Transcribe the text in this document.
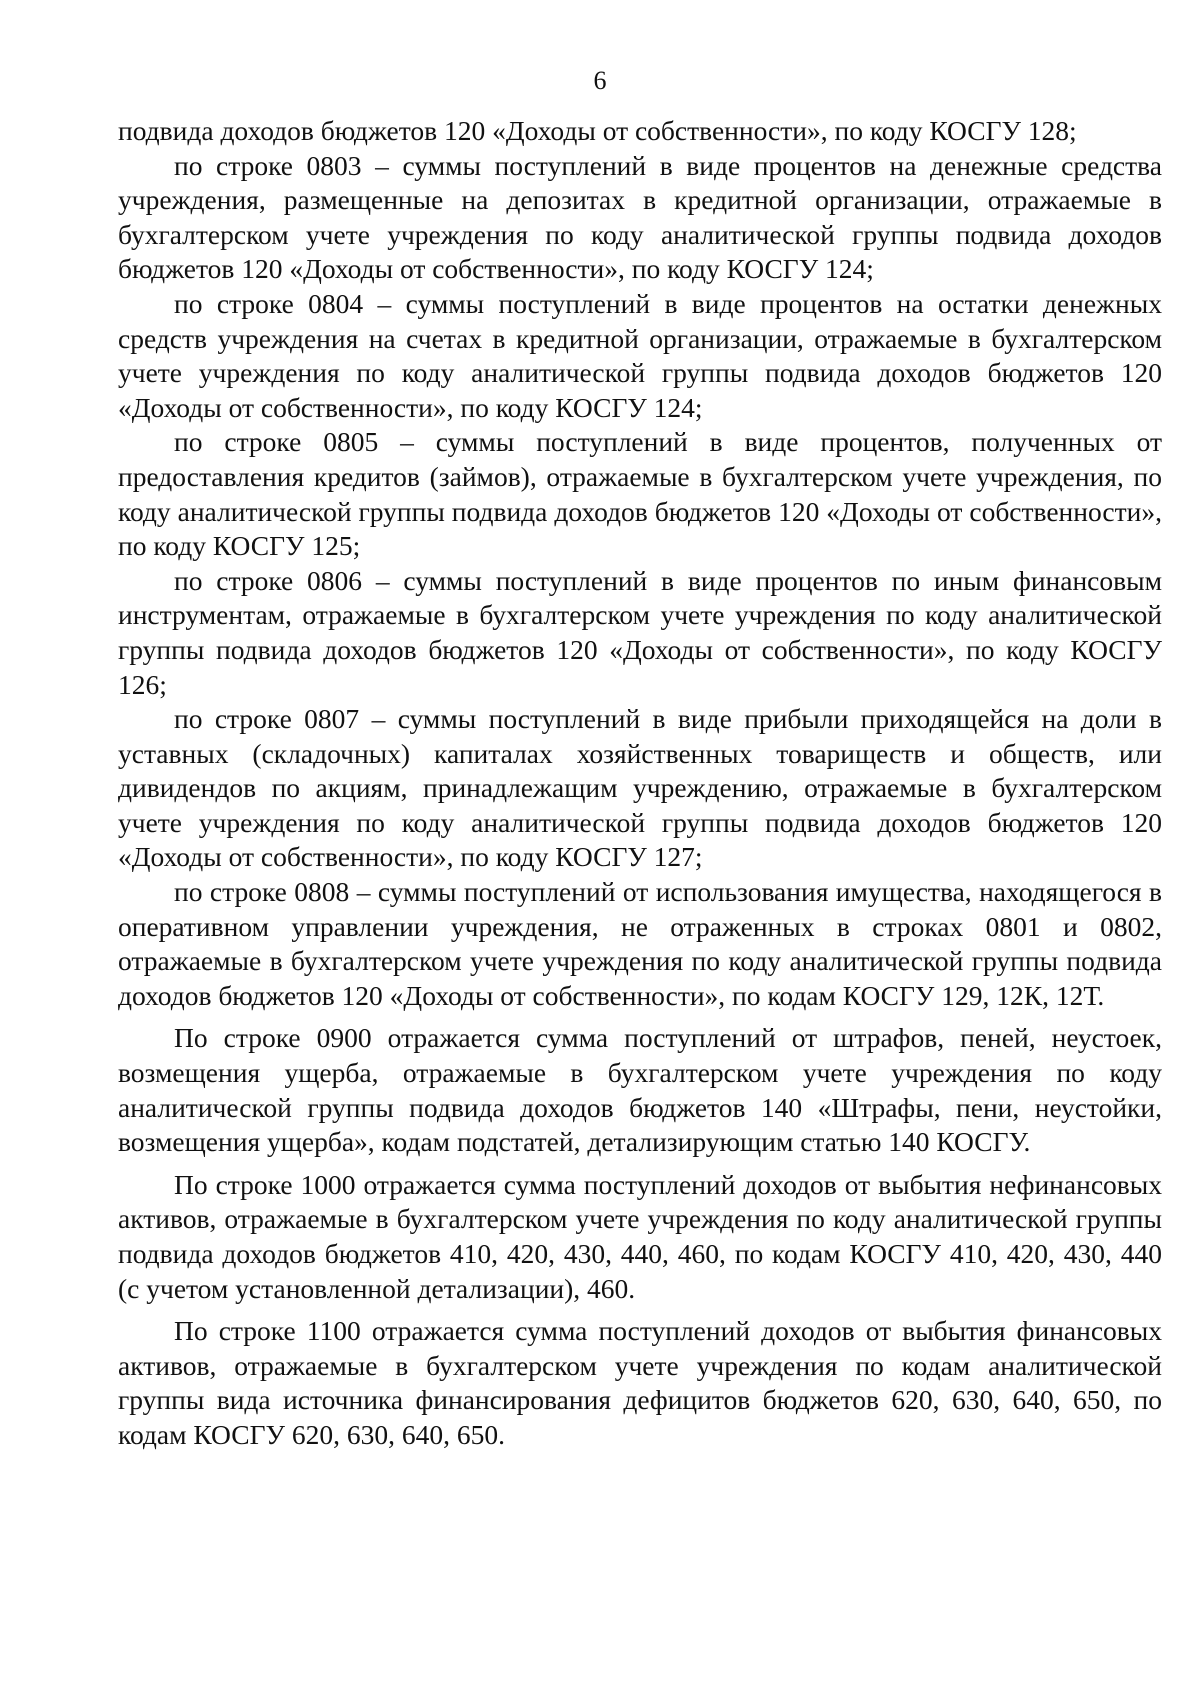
6

подвида доходов бюджетов 120 «Доходы от собственности», по коду КОСГУ 128;

по строке 0803 – суммы поступлений в виде процентов на денежные средства учреждения, размещенные на депозитах в кредитной организации, отражаемые в бухгалтерском учете учреждения по коду аналитической группы подвида доходов бюджетов 120 «Доходы от собственности», по коду КОСГУ 124;

по строке 0804 – суммы поступлений в виде процентов на остатки денежных средств учреждения на счетах в кредитной организации, отражаемые в бухгалтерском учете учреждения по коду аналитической группы подвида доходов бюджетов 120 «Доходы от собственности», по коду КОСГУ 124;

по строке 0805 – суммы поступлений в виде процентов, полученных от предоставления кредитов (займов), отражаемые в бухгалтерском учете учреждения, по коду аналитической группы подвида доходов бюджетов 120 «Доходы от собственности», по коду КОСГУ 125;

по строке 0806 – суммы поступлений в виде процентов по иным финансовым инструментам, отражаемые в бухгалтерском учете учреждения по коду аналитической группы подвида доходов бюджетов 120 «Доходы от собственности», по коду КОСГУ 126;

по строке 0807 – суммы поступлений в виде прибыли приходящейся на доли в уставных (складочных) капиталах хозяйственных товариществ и обществ, или дивидендов по акциям, принадлежащим учреждению, отражаемые в бухгалтерском учете учреждения по коду аналитической группы подвида доходов бюджетов 120 «Доходы от собственности», по коду КОСГУ 127;

по строке 0808 – суммы поступлений от использования имущества, находящегося в оперативном управлении учреждения, не отраженных в строках 0801 и 0802, отражаемые в бухгалтерском учете учреждения по коду аналитической группы подвида доходов бюджетов 120 «Доходы от собственности», по кодам КОСГУ 129, 12К, 12Т.

По строке 0900 отражается сумма поступлений от штрафов, пеней, неустоек, возмещения ущерба, отражаемые в бухгалтерском учете учреждения по коду аналитической группы подвида доходов бюджетов 140 «Штрафы, пени, неустойки, возмещения ущерба», кодам подстатей, детализирующим статью 140 КОСГУ.

По строке 1000 отражается сумма поступлений доходов от выбытия нефинансовых активов, отражаемые в бухгалтерском учете учреждения по коду аналитической группы подвида доходов бюджетов 410, 420, 430, 440, 460, по кодам КОСГУ 410, 420, 430, 440 (с учетом установленной детализации), 460.

По строке 1100 отражается сумма поступлений доходов от выбытия финансовых активов, отражаемые в бухгалтерском учете учреждения по кодам аналитической группы вида источника финансирования дефицитов бюджетов 620, 630, 640, 650, по кодам КОСГУ 620, 630, 640, 650.
